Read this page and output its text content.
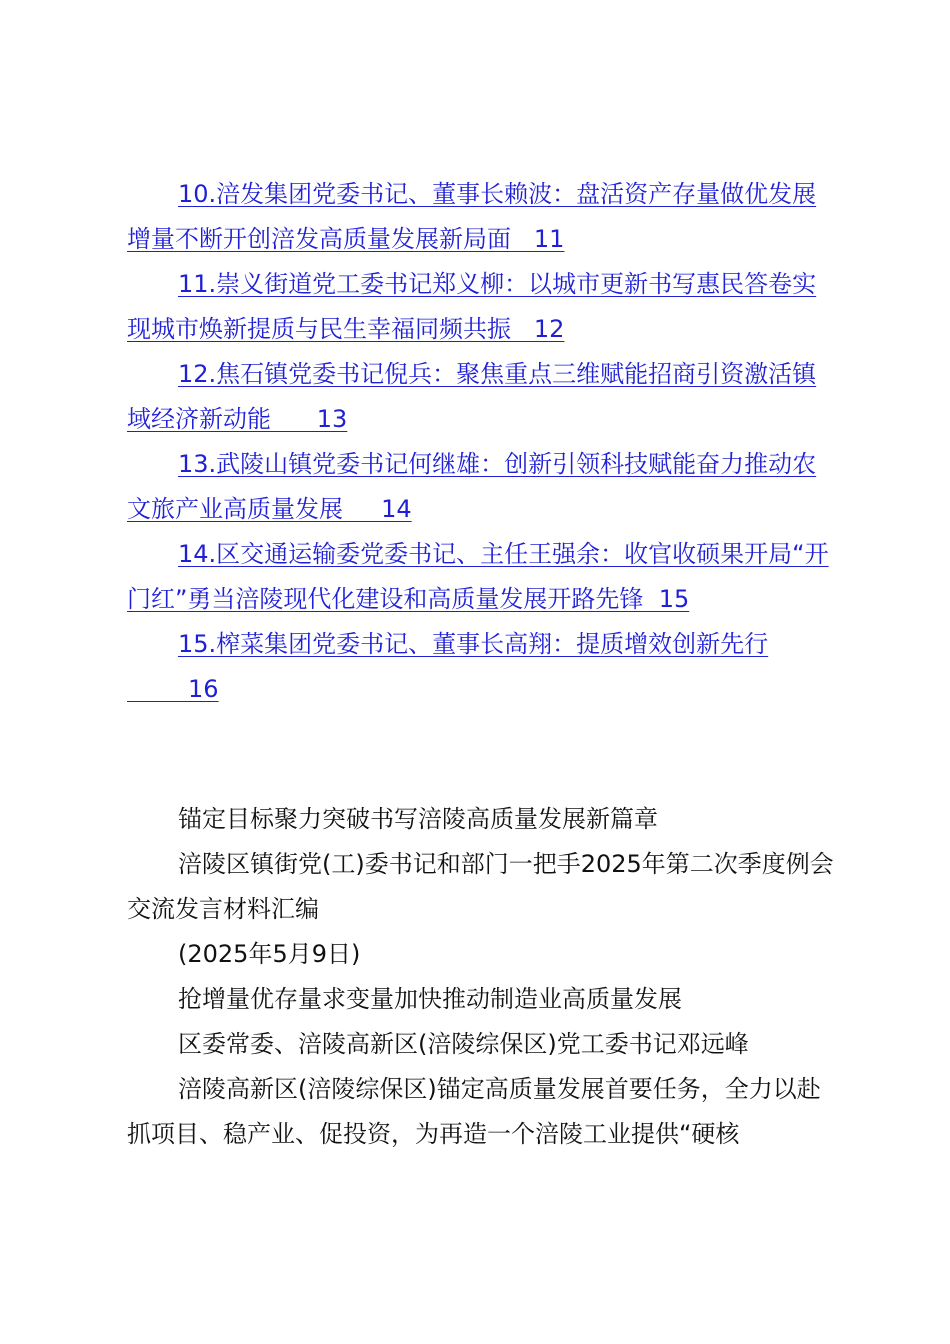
10.涪发集团党委书记、董事长赖波：盘活资产存量做优发展增量不断开创涪发高质量发展新局面   11
11.崇义街道党工委书记郑义柳：以城市更新书写惠民答卷实现城市焕新提质与民生幸福同频共振   12
12.焦石镇党委书记倪兵：聚焦重点三维赋能招商引资激活镇域经济新动能      13
13.武陵山镇党委书记何继雄：创新引领科技赋能奋力推动农文旅产业高质量发展     14
14.区交通运输委党委书记、主任王强余：收官收硕果开局“开门红”勇当涪陵现代化建设和高质量发展开路先锋  15
15.榨菜集团党委书记、董事长高翔：提质增效创新先行        16

锚定目标聚力突破书写涪陵高质量发展新篇章

涪陵区镇街党(工)委书记和部门一把手2025年第二次季度例会交流发言材料汇编

(2025年5月9日)

抢增量优存量求变量加快推动制造业高质量发展

区委常委、涪陵高新区(涪陵综保区)党工委书记邓远峰

涪陵高新区(涪陵综保区)锚定高质量发展首要任务，全力以赴抓项目、稳产业、促投资，为再造一个涪陵工业提供“硬核
